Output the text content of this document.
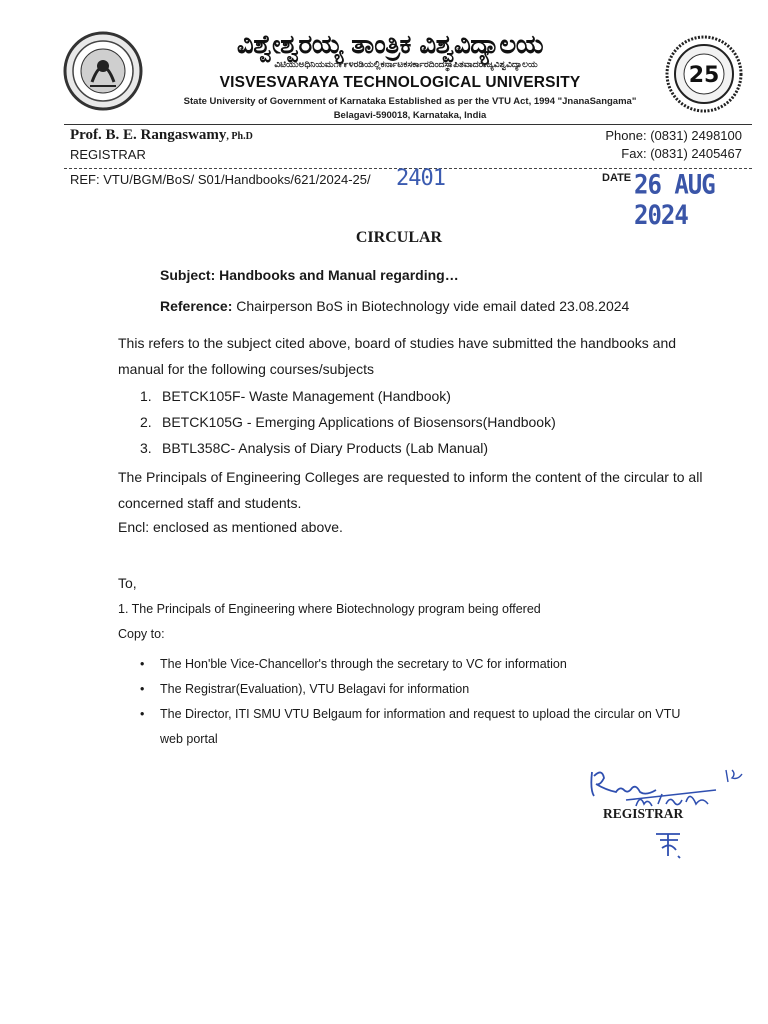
25
ವಿಶ್ವೇಶ್ವರಯ್ಯ ತಾಂತ್ರಿಕ ವಿಶ್ವವಿದ್ಯಾಲಯ
ವಿಟಿಯುಅಧಿನಿಯಮ೧೯೯೪ರಡಿಯಲ್ಲಿಕರ್ನಾಟಕಸರ್ಕಾರದಿಂದಸ್ಥಾಪಿತವಾದರಾಜ್ಯವಿಶ್ವವಿದ್ಯಾಲಯ
VISVESVARAYA TECHNOLOGICAL UNIVERSITY
State University of Government of Karnataka Established as per the VTU Act, 1994 "JnanaSangama"
Belagavi-590018, Karnataka, India
Prof. B. E. Rangaswamy, Ph.D
REGISTRAR
Phone: (0831) 2498100
Fax: (0831) 2405467
REF: VTU/BGM/BoS/ S01/Handbooks/621/2024-25/ 2401	DATE 26 AUG 2024
CIRCULAR
Subject: Handbooks and Manual regarding…
Reference: Chairperson BoS in Biotechnology vide email dated 23.08.2024
This refers to the subject cited above, board of studies have submitted the handbooks and manual for the following courses/subjects
1. BETCK105F- Waste Management (Handbook)
2. BETCK105G - Emerging Applications of Biosensors(Handbook)
3. BBTL358C- Analysis of Diary Products (Lab Manual)
The Principals of Engineering Colleges are requested to inform the content of the circular to all concerned staff and students.
Encl: enclosed as mentioned above.
To,
1. The Principals of Engineering where Biotechnology program being offered
Copy to:
• The Hon'ble Vice-Chancellor's through the secretary to VC for information
• The Registrar(Evaluation), VTU Belagavi for information
• The Director, ITI SMU VTU Belgaum for information and request to upload the circular on VTU web portal
REGISTRAR
